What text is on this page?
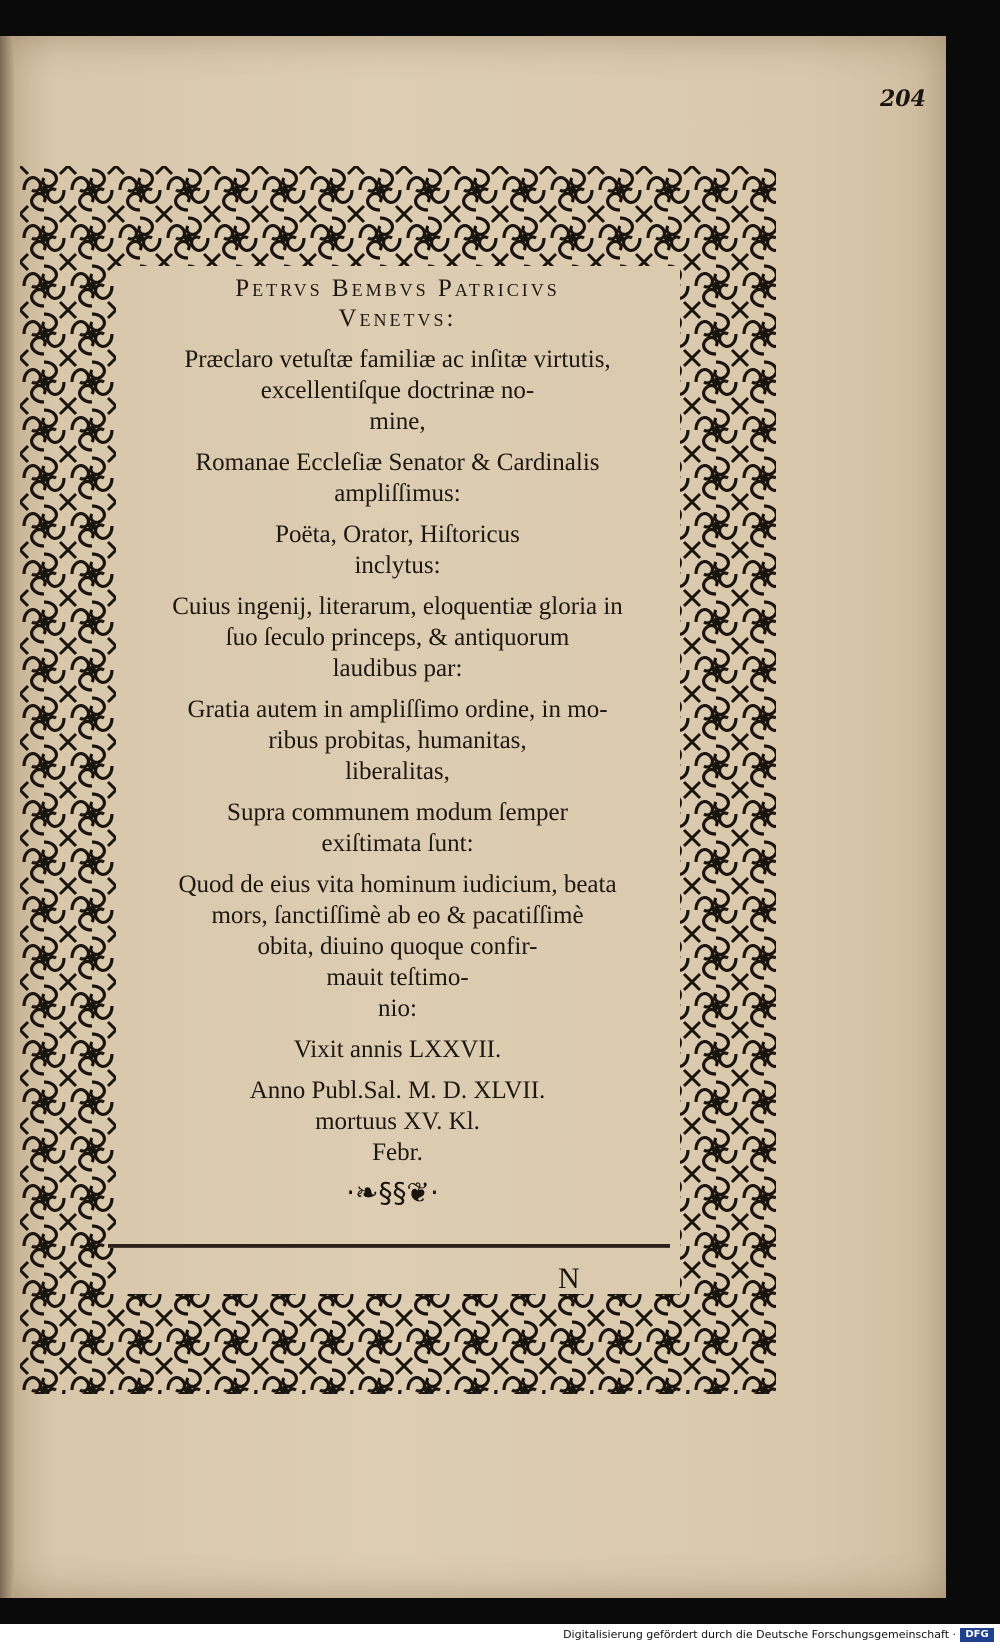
204
Petrvs Bembvs Patricivs
Venetvs:
Præclaro vetuſtæ familiæ ac inſitæ virtutis,
excellentiſque doctrinæ no-
mine,
Romanae Eccleſiæ Senator & Cardinalis
ampliſſimus:
Poëta, Orator, Hiſtoricus
inclytus:
Cuius ingenij, literarum, eloquentiæ gloria in
ſuo ſeculo princeps, & antiquorum
laudibus par:
Gratia autem in ampliſſimo ordine, in mo-
ribus probitas, humanitas,
liberalitas,
Supra communem modum ſemper
exiſtimata ſunt:
Quod de eius vita hominum iudicium, beata
mors, ſanctiſſimè ab eo & pacatiſſimè
obita, diuino quoque confir-
mauit teſtimo-
nio:
Vixit annis LXXVII.
Anno Publ.Sal. M. D. XLVII.
mortuus XV. Kl.
Febr.
·❧§§❦·
N
Digitalisierung gefördert durch die Deutsche Forschungsgemeinschaft · DFG
